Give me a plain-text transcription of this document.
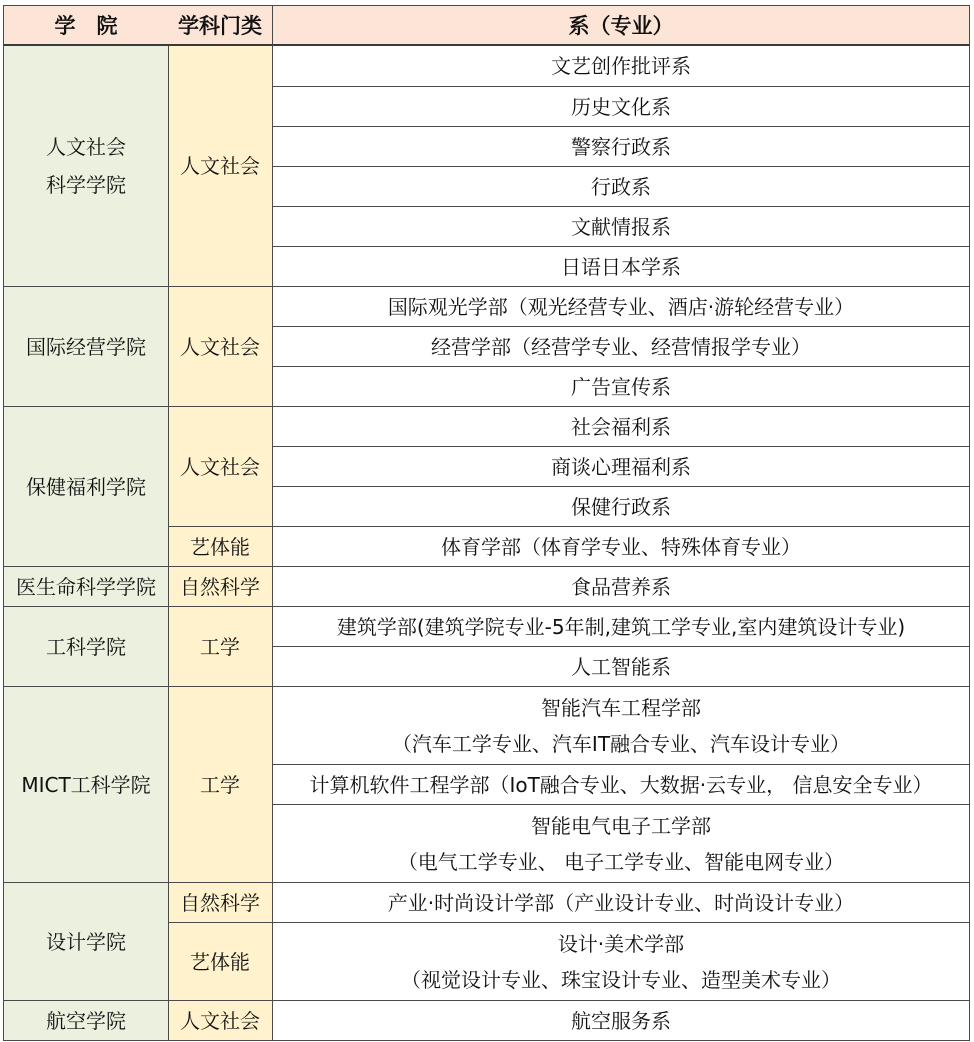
学　院	学科门类	系（专业）
文艺创作批评系
历史文化系
警察行政系
行政系
文献情报系
日语日本学系
人文社会
人文社会
科学学院
国际观光学部（观光经营专业、酒店·游轮经营专业）
经营学部（经营学专业、经营情报学专业）
广告宣传系
人文社会
国际经营学院
社会福利系
商谈心理福利系
保健行政系
人文社会
体育学部（体育学专业、特殊体育专业）
艺体能
保健福利学院
食品营养系
自然科学
医生命科学学院
建筑学部(建筑学院专业-5年制,建筑工学专业,室内建筑设计专业)
人工智能系
工学
工科学院
智能汽车工程学部
（汽车工学专业、汽车IT融合专业、汽车设计专业）
计算机软件工程学部（IoT融合专业、大数据·云专业， 信息安全专业）
智能电气电子工学部
（电气工学专业、 电子工学专业、智能电网专业）
工学
MICT工科学院
产业·时尚设计学部（产业设计专业、时尚设计专业）
自然科学
设计·美术学部
（视觉设计专业、珠宝设计专业、造型美术专业）
艺体能
设计学院
航空服务系
人文社会
航空学院
